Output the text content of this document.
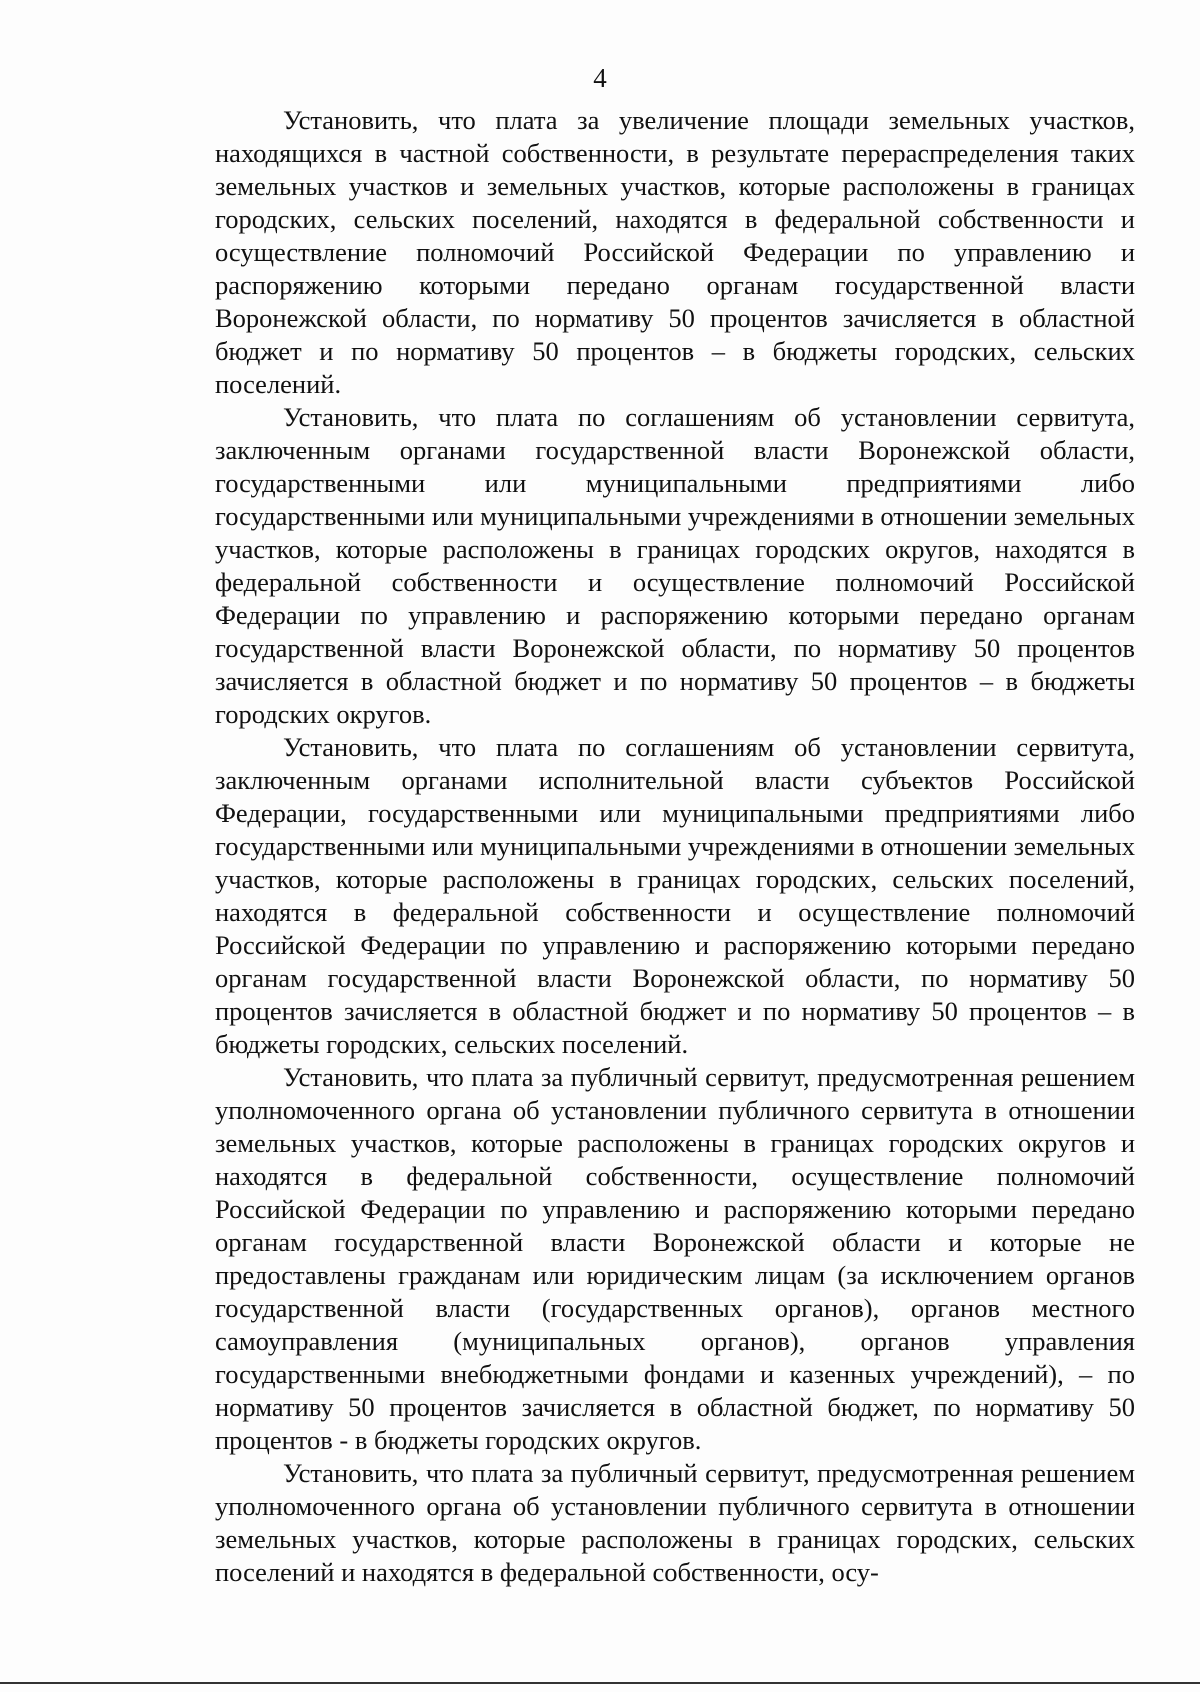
4

Установить, что плата за увеличение площади земельных участков, находящихся в частной собственности, в результате перераспределения таких земельных участков и земельных участков, которые расположены в границах городских, сельских поселений, находятся в федеральной собственности и осуществление полномочий Российской Федерации по управлению и распоряжению которыми передано органам государственной власти Воронежской области, по нормативу 50 процентов зачисляется в областной бюджет и по нормативу 50 процентов – в бюджеты городских, сельских поселений.

Установить, что плата по соглашениям об установлении сервитута, заключенным органами государственной власти Воронежской области, государственными или муниципальными предприятиями либо государственными или муниципальными учреждениями в отношении земельных участков, которые расположены в границах городских округов, находятся в федеральной собственности и осуществление полномочий Российской Федерации по управлению и распоряжению которыми передано органам государственной власти Воронежской области, по нормативу 50 процентов зачисляется в областной бюджет и по нормативу 50 процентов – в бюджеты городских округов.

Установить, что плата по соглашениям об установлении сервитута, заключенным органами исполнительной власти субъектов Российской Федерации, государственными или муниципальными предприятиями либо государственными или муниципальными учреждениями в отношении земельных участков, которые расположены в границах городских, сельских поселений, находятся в федеральной собственности и осуществление полномочий Российской Федерации по управлению и распоряжению которыми передано органам государственной власти Воронежской области, по нормативу 50 процентов зачисляется в областной бюджет и по нормативу 50 процентов – в бюджеты городских, сельских поселений.

Установить, что плата за публичный сервитут, предусмотренная решением уполномоченного органа об установлении публичного сервитута в отношении земельных участков, которые расположены в границах городских округов и находятся в федеральной собственности, осуществление полномочий Российской Федерации по управлению и распоряжению которыми передано органам государственной власти Воронежской области и которые не предоставлены гражданам или юридическим лицам (за исключением органов государственной власти (государственных органов), органов местного самоуправления (муниципальных органов), органов управления государственными внебюджетными фондами и казенных учреждений), – по нормативу 50 процентов зачисляется в областной бюджет, по нормативу 50 процентов - в бюджеты городских округов.

Установить, что плата за публичный сервитут, предусмотренная решением уполномоченного органа об установлении публичного сервитута в отношении земельных участков, которые расположены в границах городских, сельских поселений и находятся в федеральной собственности, осу-
